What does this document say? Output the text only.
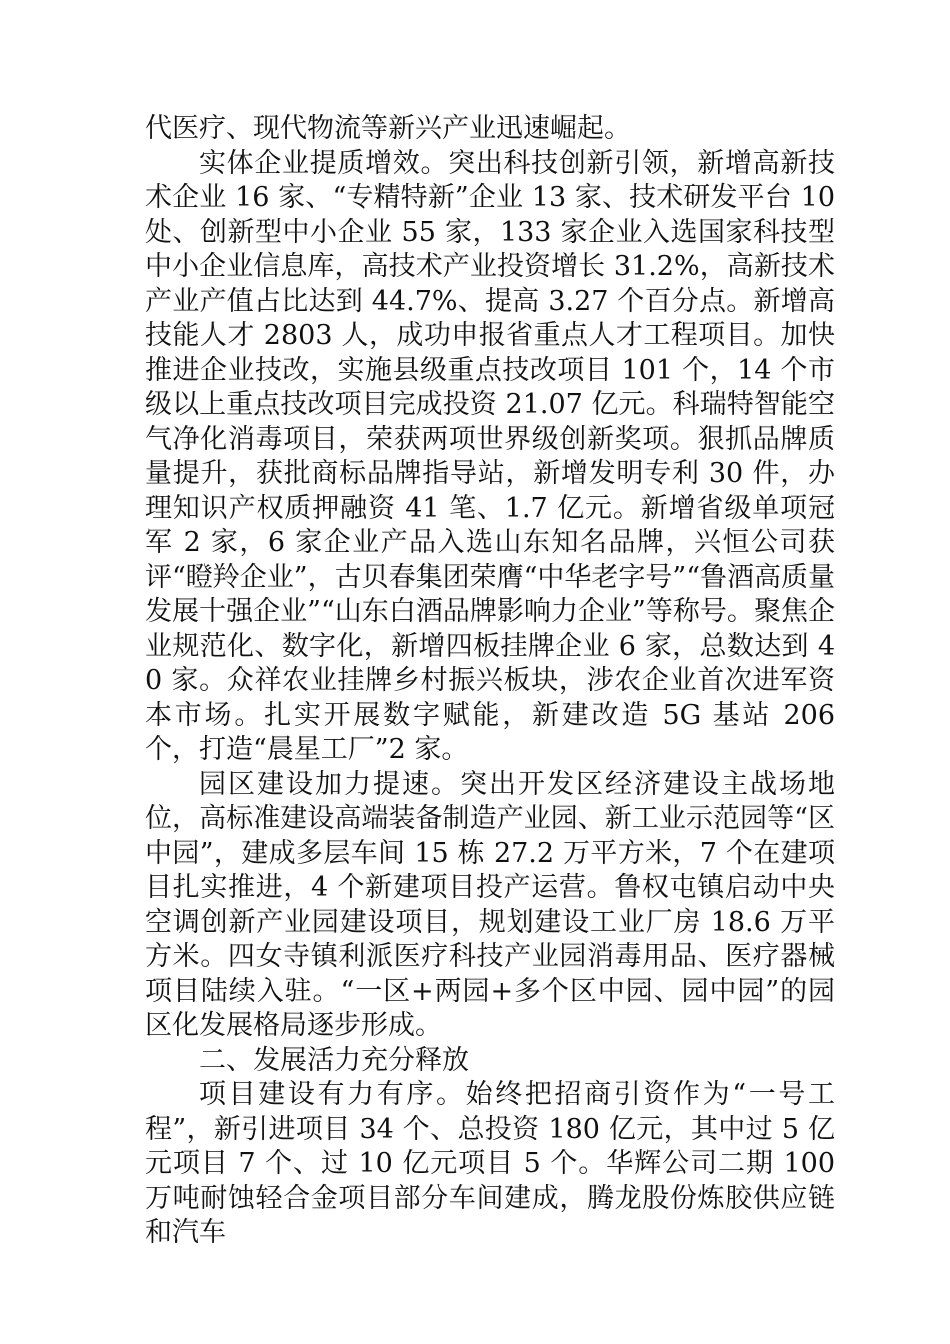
代医疗、现代物流等新兴产业迅速崛起。

实体企业提质增效。突出科技创新引领，新增高新技术企业 16 家、“专精特新”企业 13 家、技术研发平台 10 处、创新型中小企业 55 家，133 家企业入选国家科技型中小企业信息库，高技术产业投资增长 31.2%，高新技术产业产值占比达到 44.7%、提高 3.27 个百分点。新增高技能人才 2803 人，成功申报省重点人才工程项目。加快推进企业技改，实施县级重点技改项目 101 个，14 个市级以上重点技改项目完成投资 21.07 亿元。科瑞特智能空气净化消毒项目，荣获两项世界级创新奖项。狠抓品牌质量提升，获批商标品牌指导站，新增发明专利 30 件，办理知识产权质押融资 41 笔、1.7 亿元。新增省级单项冠军 2 家，6 家企业产品入选山东知名品牌，兴恒公司获评“瞪羚企业”，古贝春集团荣膺“中华老字号”“鲁酒高质量发展十强企业”“山东白酒品牌影响力企业”等称号。聚焦企业规范化、数字化，新增四板挂牌企业 6 家，总数达到 40 家。众祥农业挂牌乡村振兴板块，涉农企业首次进军资本市场。扎实开展数字赋能，新建改造 5G 基站 206 个，打造“晨星工厂”2 家。

园区建设加力提速。突出开发区经济建设主战场地位，高标准建设高端装备制造产业园、新工业示范园等“区中园”，建成多层车间 15 栋 27.2 万平方米，7 个在建项目扎实推进，4 个新建项目投产运营。鲁权屯镇启动中央空调创新产业园建设项目，规划建设工业厂房 18.6 万平方米。四女寺镇利派医疗科技产业园消毒用品、医疗器械项目陆续入驻。“一区+两园+多个区中园、园中园”的园区化发展格局逐步形成。

二、发展活力充分释放

项目建设有力有序。始终把招商引资作为“一号工程”，新引进项目 34 个、总投资 180 亿元，其中过 5 亿元项目 7 个、过 10 亿元项目 5 个。华辉公司二期 100 万吨耐蚀轻合金项目部分车间建成，腾龙股份炼胶供应链和汽车
